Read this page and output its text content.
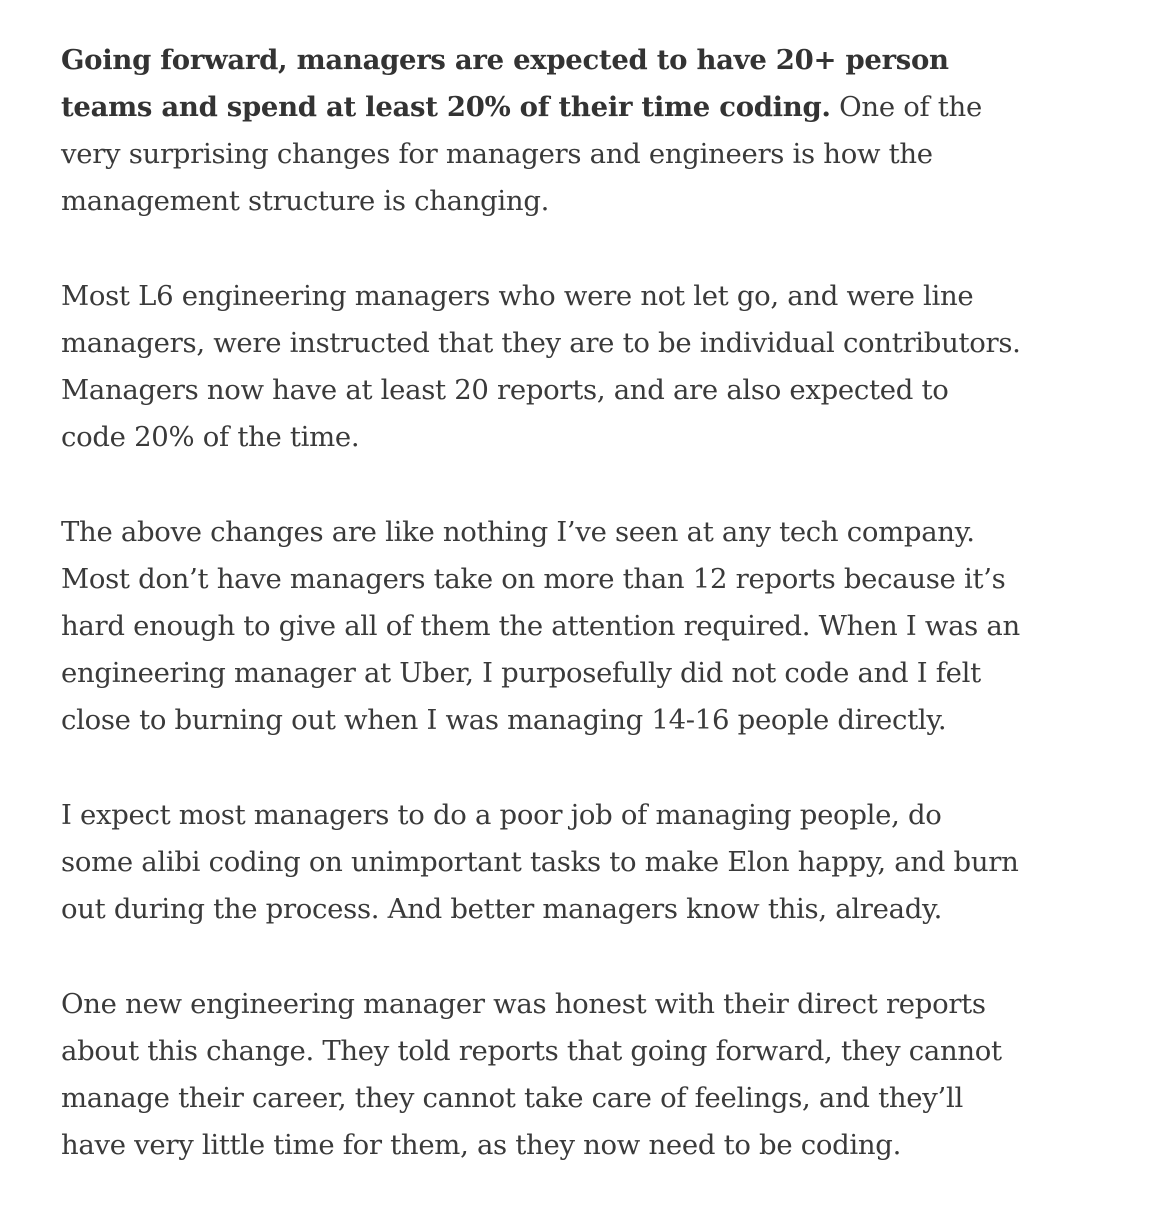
Going forward, managers are expected to have 20+ person teams and spend at least 20% of their time coding. One of the very surprising changes for managers and engineers is how the management structure is changing.

Most L6 engineering managers who were not let go, and were line managers, were instructed that they are to be individual contributors. Managers now have at least 20 reports, and are also expected to code 20% of the time.

The above changes are like nothing I’ve seen at any tech company. Most don’t have managers take on more than 12 reports because it’s hard enough to give all of them the attention required. When I was an engineering manager at Uber, I purposefully did not code and I felt close to burning out when I was managing 14-16 people directly.

I expect most managers to do a poor job of managing people, do some alibi coding on unimportant tasks to make Elon happy, and burn out during the process. And better managers know this, already.

One new engineering manager was honest with their direct reports about this change. They told reports that going forward, they cannot manage their career, they cannot take care of feelings, and they’ll have very little time for them, as they now need to be coding.
